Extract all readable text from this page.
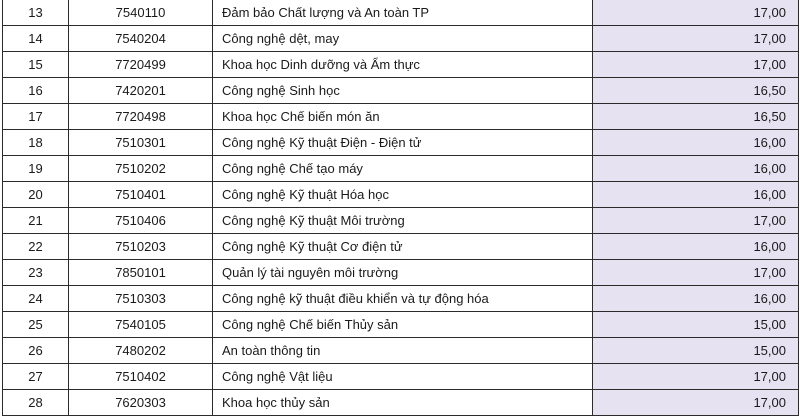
13	7540110	Đảm bảo Chất lượng và An toàn TP	17,00
14	7540204	Công nghệ dệt, may	17,00
15	7720499	Khoa học Dinh dưỡng và Ẩm thực	17,00
16	7420201	Công nghệ Sinh học	16,50
17	7720498	Khoa học Chế biến món ăn	16,50
18	7510301	Công nghệ Kỹ thuật Điện - Điện tử	16,00
19	7510202	Công nghệ Chế tạo máy	16,00
20	7510401	Công nghệ Kỹ thuật Hóa học	16,00
21	7510406	Công nghệ Kỹ thuật Môi trường	17,00
22	7510203	Công nghệ Kỹ thuật Cơ điện tử	16,00
23	7850101	Quản lý tài nguyên môi trường	17,00
24	7510303	Công nghệ kỹ thuật điều khiển và tự động hóa	16,00
25	7540105	Công nghệ Chế biến Thủy sản	15,00
26	7480202	An toàn thông tin	15,00
27	7510402	Công nghệ Vật liệu	17,00
28	7620303	Khoa học thủy sản	17,00
